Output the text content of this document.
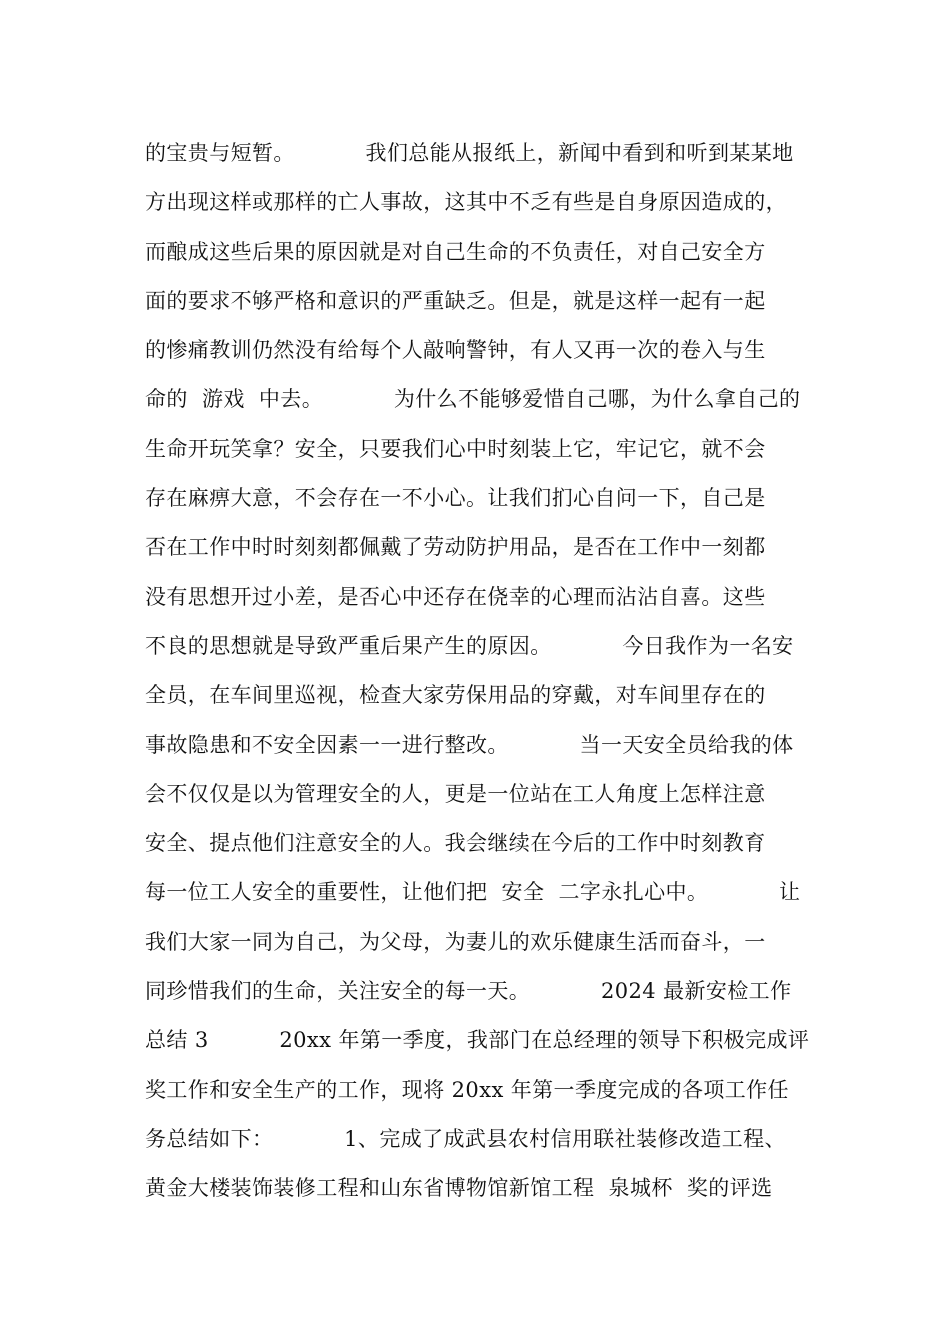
的宝贵与短暂。          我们总能从报纸上，新闻中看到和听到某某地
方出现这样或那样的亡人事故，这其中不乏有些是自身原因造成的，
而酿成这些后果的原因就是对自己生命的不负责任，对自己安全方
面的要求不够严格和意识的严重缺乏。但是，就是这样一起有一起
的惨痛教训仍然没有给每个人敲响警钟，有人又再一次的卷入与生
命的  游戏  中去。          为什么不能够爱惜自己哪，为什么拿自己的
生命开玩笑拿？安全，只要我们心中时刻装上它，牢记它，就不会
存在麻痹大意，不会存在一不小心。让我们扪心自问一下，自己是
否在工作中时时刻刻都佩戴了劳动防护用品，是否在工作中一刻都
没有思想开过小差，是否心中还存在侥幸的心理而沾沾自喜。这些
不良的思想就是导致严重后果产生的原因。          今日我作为一名安
全员，在车间里巡视，检查大家劳保用品的穿戴，对车间里存在的
事故隐患和不安全因素一一进行整改。          当一天安全员给我的体
会不仅仅是以为管理安全的人，更是一位站在工人角度上怎样注意
安全、提点他们注意安全的人。我会继续在今后的工作中时刻教育
每一位工人安全的重要性，让他们把  安全  二字永扎心中。          让
我们大家一同为自己，为父母，为妻儿的欢乐健康生活而奋斗，一
同珍惜我们的生命，关注安全的每一天。          2024 最新安检工作
总结 3          20xx 年第一季度，我部门在总经理的领导下积极完成评
奖工作和安全生产的工作，现将 20xx 年第一季度完成的各项工作任
务总结如下：          1、完成了成武县农村信用联社装修改造工程、
黄金大楼装饰装修工程和山东省博物馆新馆工程  泉城杯  奖的评选
